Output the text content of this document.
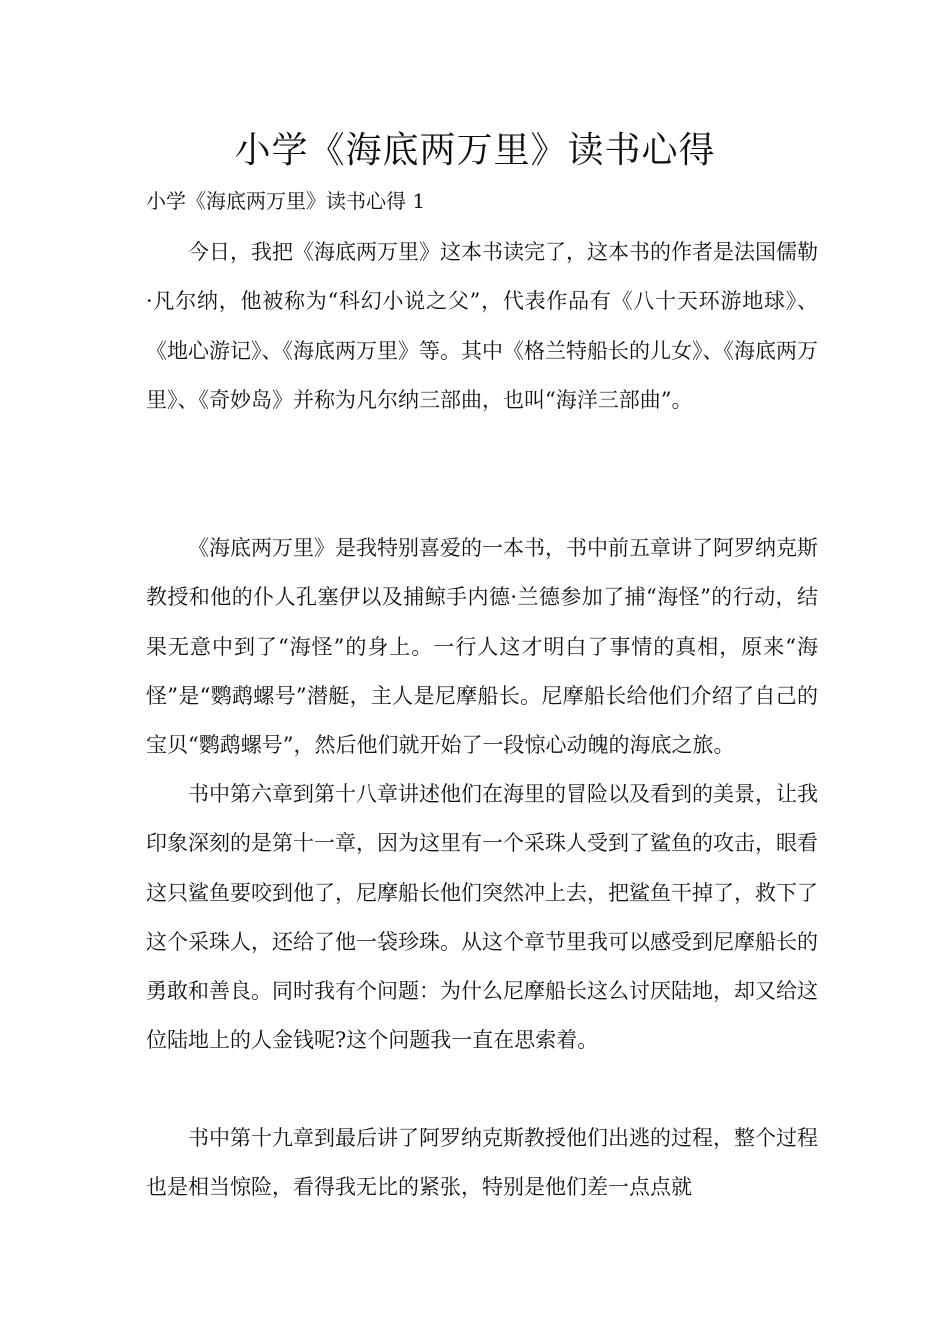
小学《海底两万里》读书心得
小学《海底两万里》读书心得 1

今日，我把《海底两万里》这本书读完了，这本书的作者是法国儒勒·凡尔纳，他被称为“科幻小说之父”，代表作品有《八十天环游地球》、《地心游记》、《海底两万里》等。其中《格兰特船长的儿女》、《海底两万里》、《奇妙岛》并称为凡尔纳三部曲，也叫“海洋三部曲”。

《海底两万里》是我特别喜爱的一本书，书中前五章讲了阿罗纳克斯教授和他的仆人孔塞伊以及捕鲸手内德·兰德参加了捕“海怪”的行动，结果无意中到了“海怪”的身上。一行人这才明白了事情的真相，原来“海怪”是“鹦鹉螺号”潜艇，主人是尼摩船长。尼摩船长给他们介绍了自己的宝贝“鹦鹉螺号”，然后他们就开始了一段惊心动魄的海底之旅。

书中第六章到第十八章讲述他们在海里的冒险以及看到的美景，让我印象深刻的是第十一章，因为这里有一个采珠人受到了鲨鱼的攻击，眼看这只鲨鱼要咬到他了，尼摩船长他们突然冲上去，把鲨鱼干掉了，救下了这个采珠人，还给了他一袋珍珠。从这个章节里我可以感受到尼摩船长的勇敢和善良。同时我有个问题：为什么尼摩船长这么讨厌陆地，却又给这位陆地上的人金钱呢?这个问题我一直在思索着。

书中第十九章到最后讲了阿罗纳克斯教授他们出逃的过程，整个过程也是相当惊险，看得我无比的紧张，特别是他们差一点点就
